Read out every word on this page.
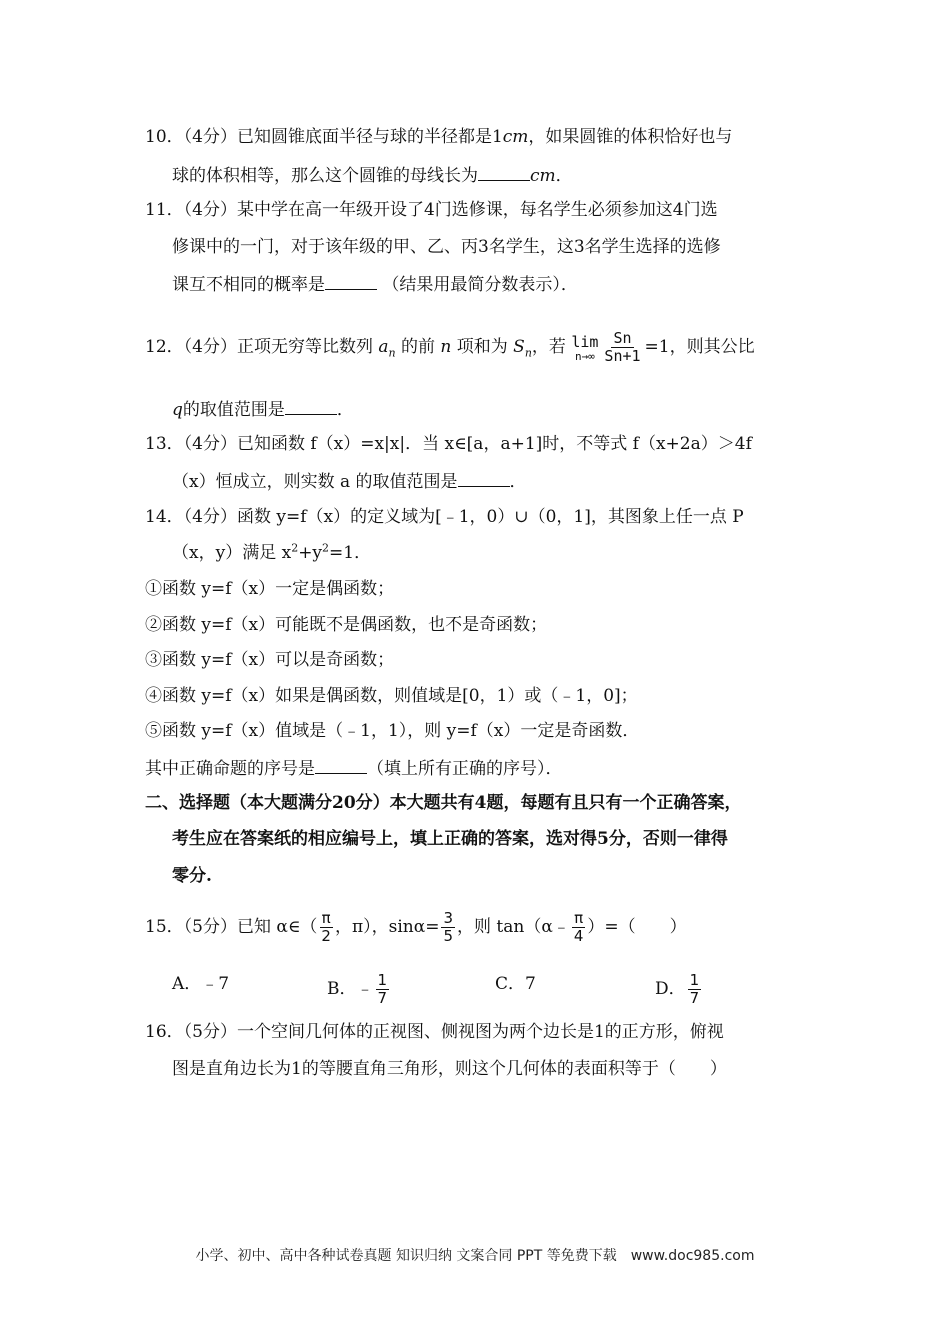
10．（4分）已知圆锥底面半径与球的半径都是1cm，如果圆锥的体积恰好也与
球的体积相等，那么这个圆锥的母线长为	cm．
11．（4分）某中学在高一年级开设了4门选修课，每名学生必须参加这4门选
修课中的一门，对于该年级的甲、乙、丙3名学生，这3名学生选择的选修
课互不相同的概率是	（结果用最简分数表示）．
12．（4分）正项无穷等比数列 $a_n$ 的前 n 项和为 $S_n$，若 lim
$n\to\infty \frac{Sn}{Sn+1} =1$，则其公比
q的取值范围是	．
13．（4分）已知函数 f（x）=x|x|．当 x∈[a，a+1]时，不等式 f（x+2a）＞4f
（x）恒成立，则实数 a 的取值范围是	．
14．（4分）函数 y=f（x）的定义域为[﹣1，0）∪（0，1]，其图象上任一点 P
（x，y）满足 $x^2+y^2=1$．
①函数 y=f（x）一定是偶函数；
②函数 y=f（x）可能既不是偶函数，也不是奇函数；
③函数 y=f（x）可以是奇函数；
④函数 y=f（x）如果是偶函数，则值域是[0，1）或（﹣1，0]；
⑤函数 y=f（x）值域是（﹣1，1），则 y=f（x）一定是奇函数．
其中正确命题的序号是	（填上所有正确的序号）．
二、选择题（本大题满分20分）本大题共有4题，每题有且只有一个正确答案，
考生应在答案纸的相应编号上，填上正确的答案，选对得5分，否则一律得
零分.
15．（5分）已知 α∈（ $\frac{\pi}{2}$ ，π），$\sin\alpha= \frac{3}{5}$ ，则 tan（α﹣ $\frac{\pi}{4}$ ）=（　　）
A．﹣7	B．﹣ $\frac{1}{7}$	C．7	D． $\frac{1}{7}$
16．（5分）一个空间几何体的正视图、侧视图为两个边长是1的正方形，俯视
图是直角边长为1的等腰直角三角形，则这个几何体的表面积等于（　　）
小学、初中、高中各种试卷真题 知识归纳 文案合同 PPT 等免费下载　www.doc985.com
